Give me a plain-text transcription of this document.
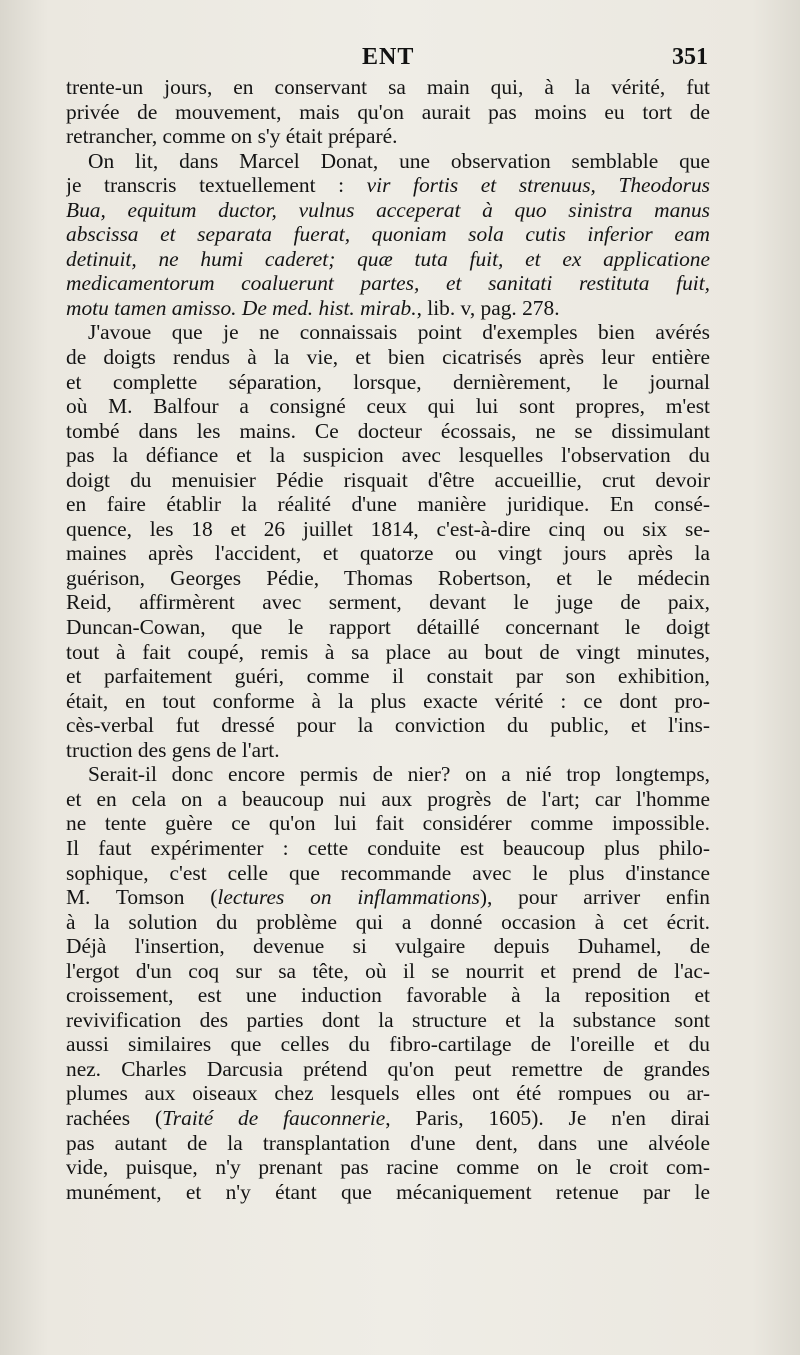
ENT	351
trente-un jours, en conservant sa main qui, à la vérité, fut
privée de mouvement, mais qu'on aurait pas moins eu tort de
retrancher, comme on s'y était préparé.
On lit, dans Marcel Donat, une observation semblable que
je transcris textuellement : vir fortis et strenuus, Theodorus
Bua, equitum ductor, vulnus acceperat à quo sinistra manus
abscissa et separata fuerat, quoniam sola cutis inferior eam
detinuit, ne humi caderet; quæ tuta fuit, et ex applicatione
medicamentorum coaluerunt partes, et sanitati restituta fuit,
motu tamen amisso. De med. hist. mirab., lib. v, pag. 278.
J'avoue que je ne connaissais point d'exemples bien avérés
de doigts rendus à la vie, et bien cicatrisés après leur entière
et complette séparation, lorsque, dernièrement, le journal
où M. Balfour a consigné ceux qui lui sont propres, m'est
tombé dans les mains. Ce docteur écossais, ne se dissimulant
pas la défiance et la suspicion avec lesquelles l'observation du
doigt du menuisier Pédie risquait d'être accueillie, crut devoir
en faire établir la réalité d'une manière juridique. En consé-
quence, les 18 et 26 juillet 1814, c'est-à-dire cinq ou six se-
maines après l'accident, et quatorze ou vingt jours après la
guérison, Georges Pédie, Thomas Robertson, et le médecin
Reid, affirmèrent avec serment, devant le juge de paix,
Duncan-Cowan, que le rapport détaillé concernant le doigt
tout à fait coupé, remis à sa place au bout de vingt minutes,
et parfaitement guéri, comme il constait par son exhibition,
était, en tout conforme à la plus exacte vérité : ce dont pro-
cès-verbal fut dressé pour la conviction du public, et l'ins-
truction des gens de l'art.
Serait-il donc encore permis de nier? on a nié trop longtemps,
et en cela on a beaucoup nui aux progrès de l'art; car l'homme
ne tente guère ce qu'on lui fait considérer comme impossible.
Il faut expérimenter : cette conduite est beaucoup plus philo-
sophique, c'est celle que recommande avec le plus d'instance
M. Tomson (lectures on inflammations), pour arriver enfin
à la solution du problème qui a donné occasion à cet écrit.
Déjà l'insertion, devenue si vulgaire depuis Duhamel, de
l'ergot d'un coq sur sa tête, où il se nourrit et prend de l'ac-
croissement, est une induction favorable à la reposition et
revivification des parties dont la structure et la substance sont
aussi similaires que celles du fibro-cartilage de l'oreille et du
nez. Charles Darcusia prétend qu'on peut remettre de grandes
plumes aux oiseaux chez lesquels elles ont été rompues ou ar-
rachées (Traité de fauconnerie, Paris, 1605). Je n'en dirai
pas autant de la transplantation d'une dent, dans une alvéole
vide, puisque, n'y prenant pas racine comme on le croit com-
munément, et n'y étant que mécaniquement retenue par le
